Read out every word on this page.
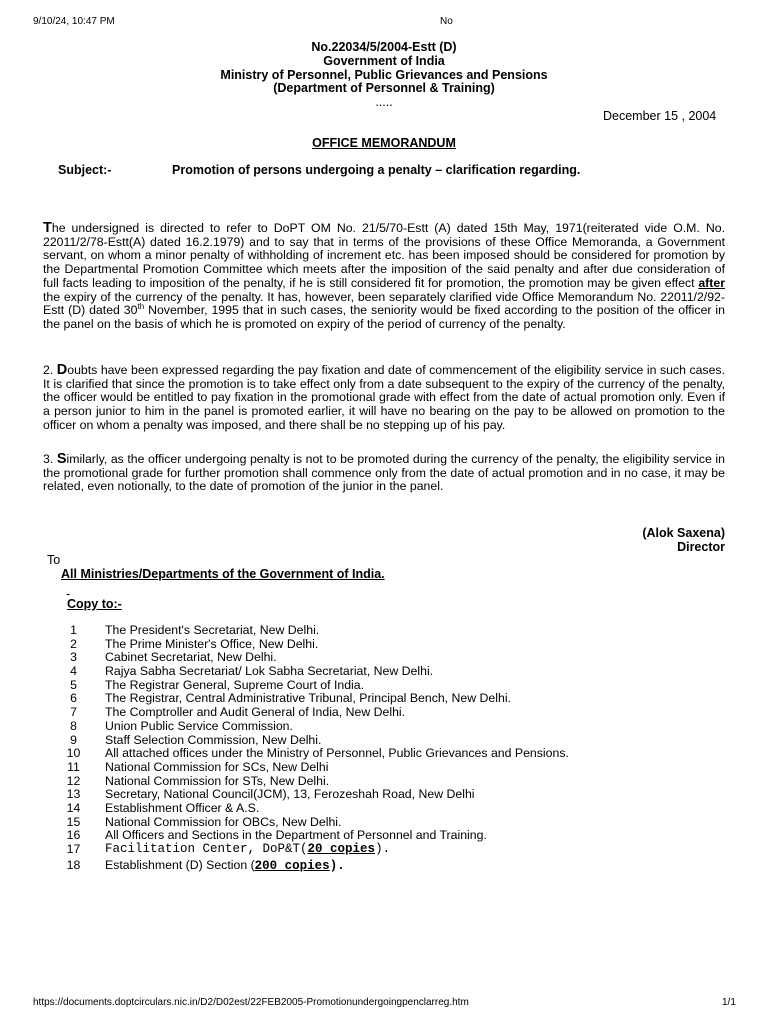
9/10/24, 10:47 PM	No
No.22034/5/2004-Estt (D)
Government of India
Ministry of Personnel, Public Grievances and Pensions
(Department of Personnel & Training)
.....
December 15 , 2004
OFFICE MEMORANDUM
Subject:-	Promotion of persons undergoing a penalty – clarification regarding.
The undersigned is directed to refer to DoPT OM No. 21/5/70-Estt (A) dated 15th May, 1971(reiterated vide O.M. No. 22011/2/78-Estt(A) dated 16.2.1979) and to say that in terms of the provisions of these Office Memoranda, a Government servant, on whom a minor penalty of withholding of increment etc. has been imposed should be considered for promotion by the Departmental Promotion Committee which meets after the imposition of the said penalty and after due consideration of full facts leading to imposition of the penalty, if he is still considered fit for promotion, the promotion may be given effect after the expiry of the currency of the penalty. It has, however, been separately clarified vide Office Memorandum No. 22011/2/92-Estt (D) dated 30th November, 1995 that in such cases, the seniority would be fixed according to the position of the officer in the panel on the basis of which he is promoted on expiry of the period of currency of the penalty.
2. Doubts have been expressed regarding the pay fixation and date of commencement of the eligibility service in such cases. It is clarified that since the promotion is to take effect only from a date subsequent to the expiry of the currency of the penalty, the officer would be entitled to pay fixation in the promotional grade with effect from the date of actual promotion only. Even if a person junior to him in the panel is promoted earlier, it will have no bearing on the pay to be allowed on promotion to the officer on whom a penalty was imposed, and there shall be no stepping up of his pay.
3. Similarly, as the officer undergoing penalty is not to be promoted during the currency of the penalty, the eligibility service in the promotional grade for further promotion shall commence only from the date of actual promotion and in no case, it may be related, even notionally, to the date of promotion of the junior in the panel.
(Alok Saxena)
Director
To
All Ministries/Departments of the Government of India.
-
Copy to:-
1	The President's Secretariat, New Delhi.
2	The Prime Minister's Office, New Delhi.
3	Cabinet Secretariat, New Delhi.
4	Rajya Sabha Secretariat/ Lok Sabha Secretariat, New Delhi.
5	The Registrar General, Supreme Court of India.
6	The Registrar, Central Administrative Tribunal, Principal Bench, New Delhi.
7	The Comptroller and Audit General of India, New Delhi.
8	Union Public Service Commission.
9	Staff Selection Commission, New Delhi.
10 All attached offices under the Ministry of Personnel, Public Grievances and Pensions.
11 National Commission for SCs, New Delhi
12 National Commission for STs, New Delhi.
13 Secretary, National Council(JCM), 13, Ferozeshah Road, New Delhi
14 Establishment Officer & A.S.
15 National Commission for OBCs, New Delhi.
16 All Officers and Sections in the Department of Personnel and Training.
17 Facilitation Center, DoP&T(20 copies).
18 Establishment (D) Section (200 copies).
https://documents.doptcirculars.nic.in/D2/D02est/22FEB2005-Promotionundergoingpenclarreg.htm	1/1
